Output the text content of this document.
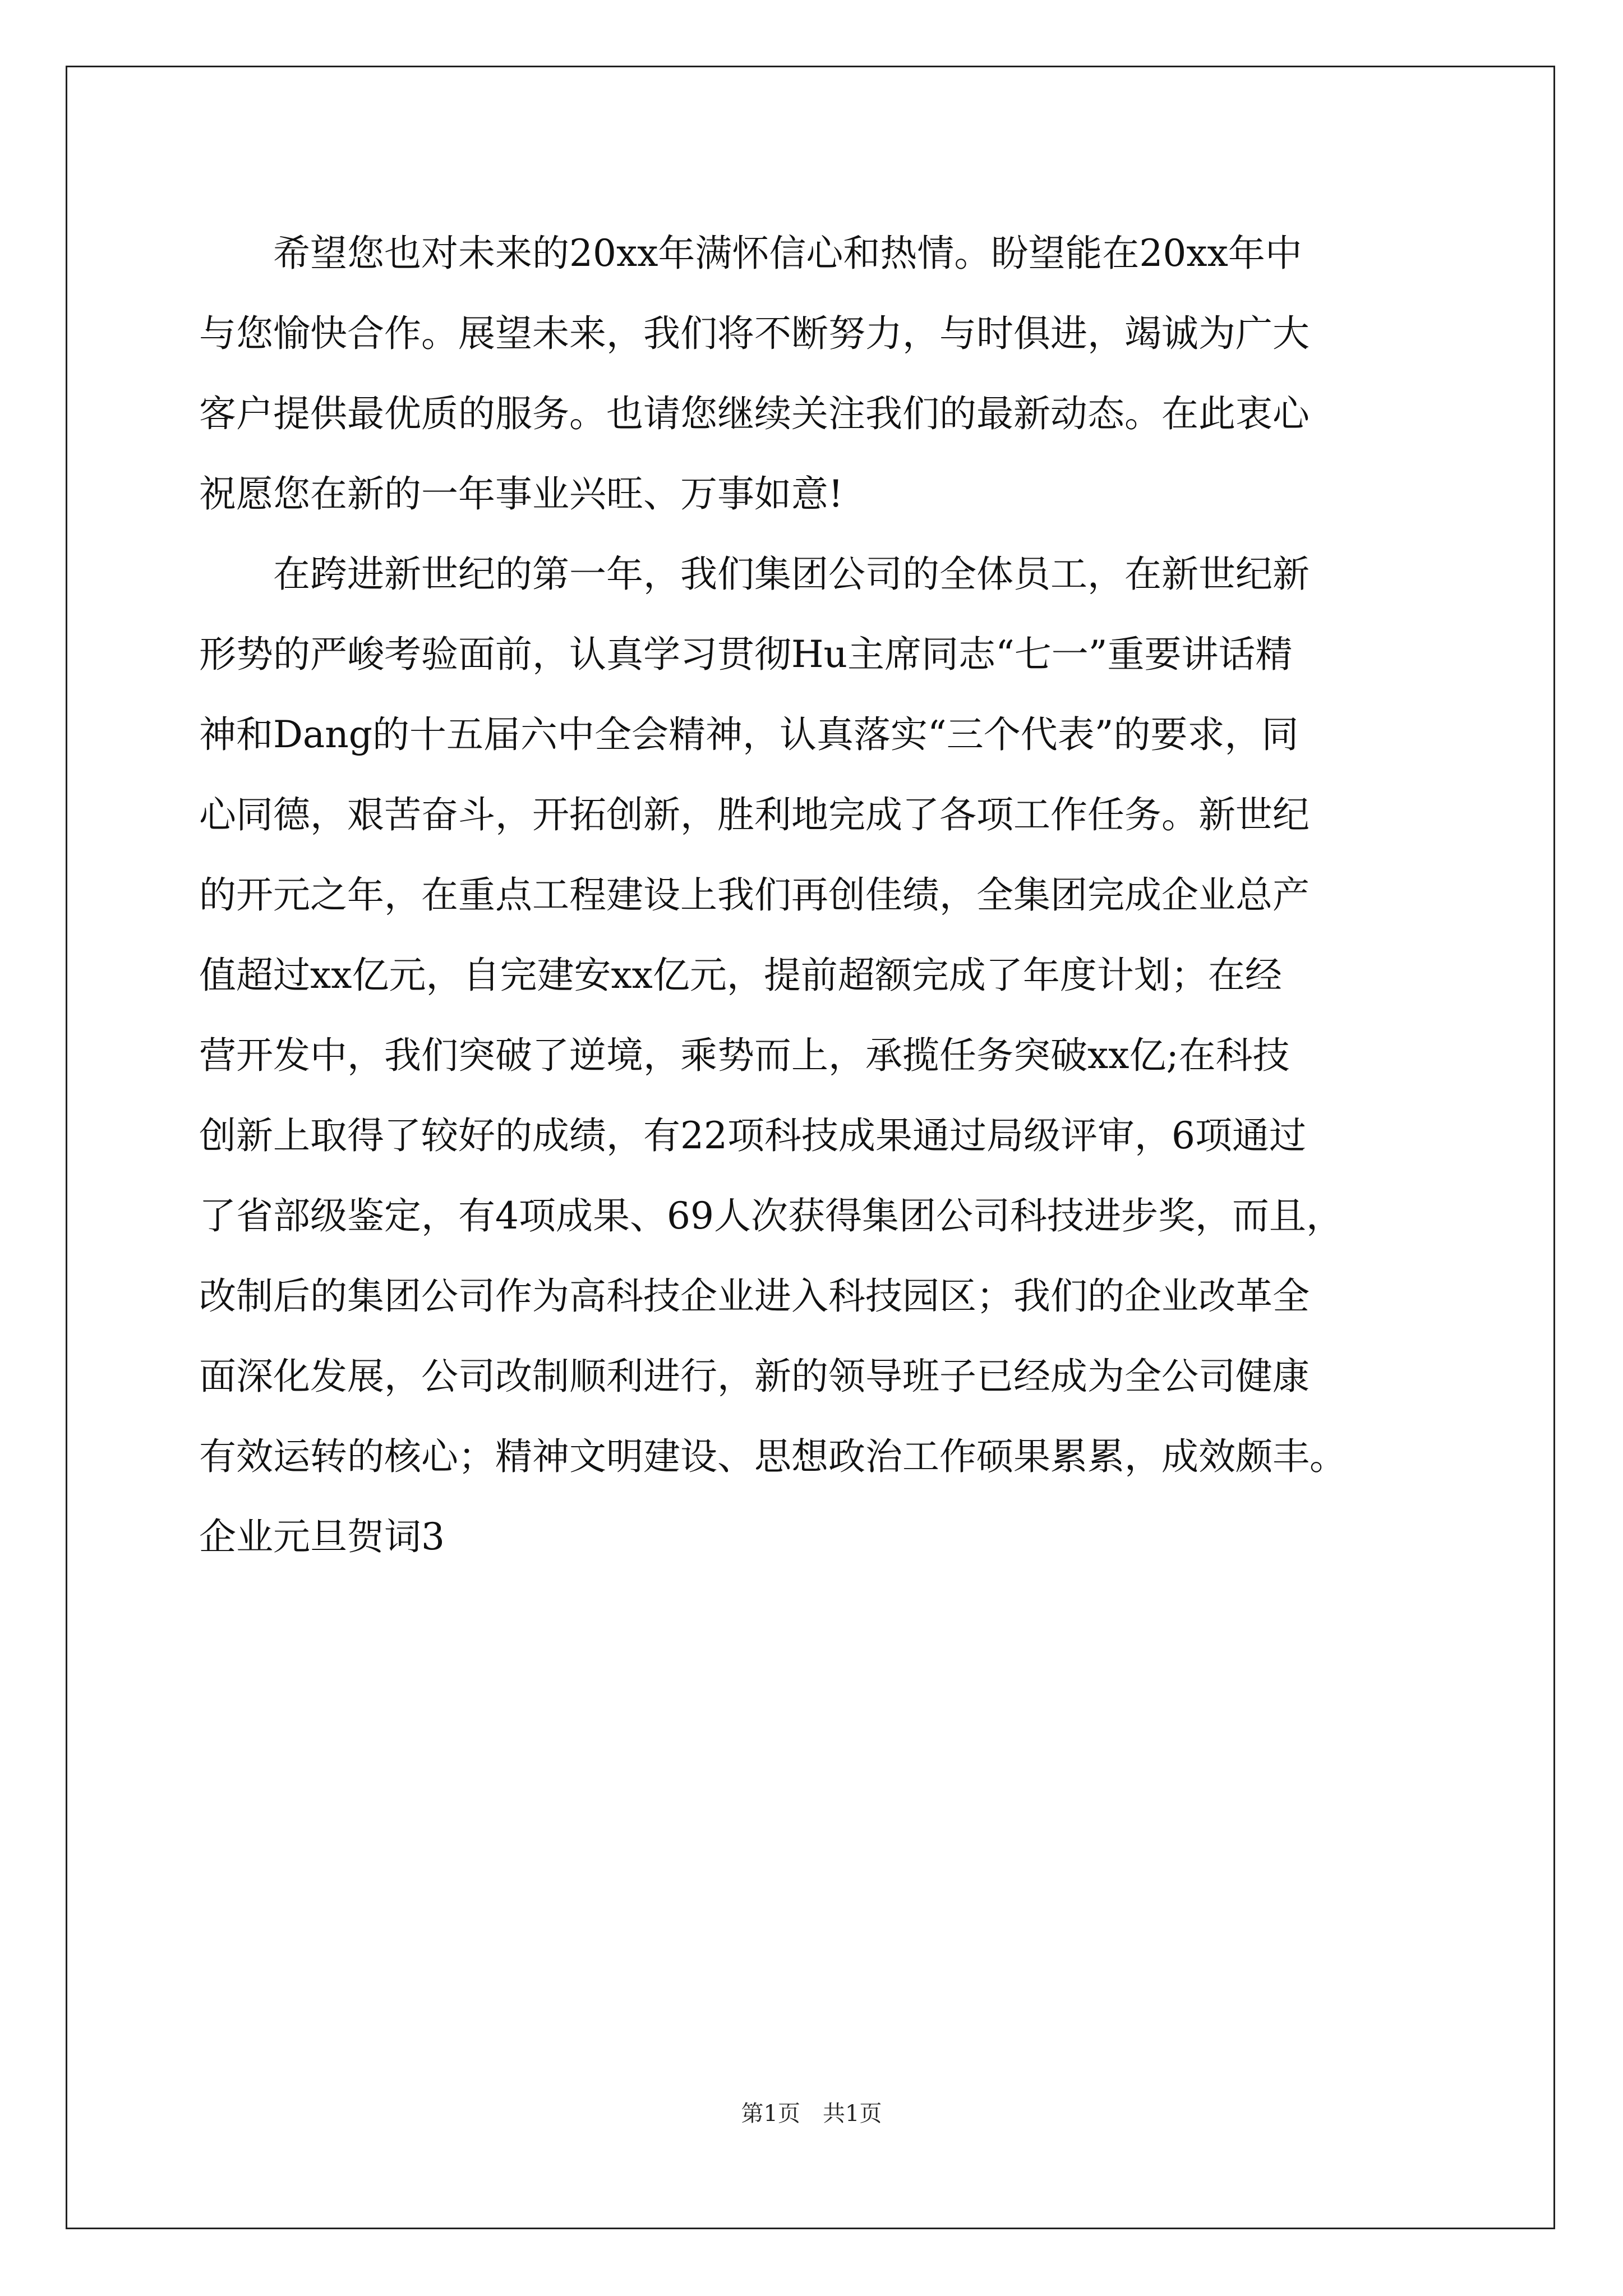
希望您也对未来的20xx年满怀信心和热情。盼望能在20xx年中
与您愉快合作。展望未来，我们将不断努力，与时俱进，竭诚为广大
客户提供最优质的服务。也请您继续关注我们的最新动态。在此衷心
祝愿您在新的一年事业兴旺、万事如意!
在跨进新世纪的第一年，我们集团公司的全体员工，在新世纪新
形势的严峻考验面前，认真学习贯彻Hu主席同志“七一”重要讲话精
神和Dang的十五届六中全会精神，认真落实“三个代表”的要求，同
心同德，艰苦奋斗，开拓创新，胜利地完成了各项工作任务。新世纪
的开元之年，在重点工程建设上我们再创佳绩，全集团完成企业总产
值超过xx亿元，自完建安xx亿元，提前超额完成了年度计划；在经
营开发中，我们突破了逆境，乘势而上，承揽任务突破xx亿;在科技
创新上取得了较好的成绩，有22项科技成果通过局级评审，6项通过
了省部级鉴定，有4项成果、69人次获得集团公司科技进步奖，而且，
改制后的集团公司作为高科技企业进入科技园区；我们的企业改革全
面深化发展，公司改制顺利进行，新的领导班子已经成为全公司健康
有效运转的核心；精神文明建设、思想政治工作硕果累累，成效颇丰。
企业元旦贺词3
第1页　共1页
